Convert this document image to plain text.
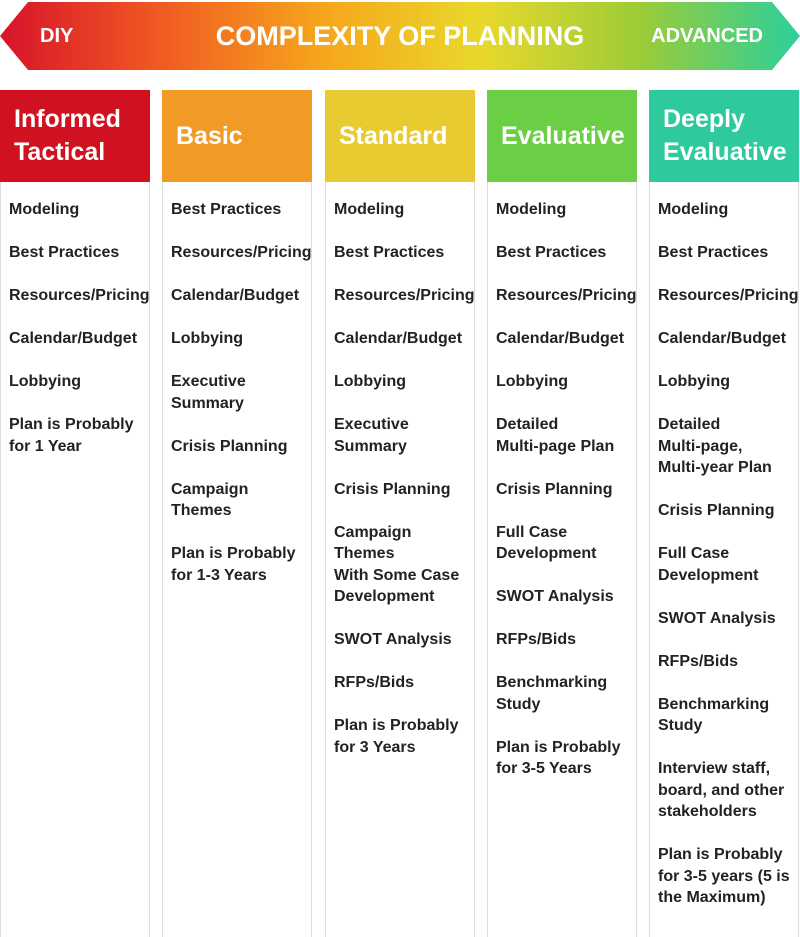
DIY	COMPLEXITY OF PLANNING	ADVANCED
Informed
Tactical
Modeling
Best Practices
Resources/Pricing
Calendar/Budget
Lobbying
Plan is Probably
for 1 Year
Basic
Best Practices
Resources/Pricing
Calendar/Budget
Lobbying
Executive
Summary
Crisis Planning
Campaign Themes
Plan is Probably
for 1-3 Years
Standard
Modeling
Best Practices
Resources/Pricing
Calendar/Budget
Lobbying
Executive
Summary
Crisis Planning
Campaign Themes
With Some Case
Development
SWOT Analysis
RFPs/Bids
Plan is Probably
for 3 Years
Evaluative
Modeling
Best Practices
Resources/Pricing
Calendar/Budget
Lobbying
Detailed
Multi-page Plan
Crisis Planning
Full Case
Development
SWOT Analysis
RFPs/Bids
Benchmarking
Study
Plan is Probably
for 3-5 Years
Deeply
Evaluative
Modeling
Best Practices
Resources/Pricing
Calendar/Budget
Lobbying
Detailed
Multi-page,
Multi-year Plan
Crisis Planning
Full Case
Development
SWOT Analysis
RFPs/Bids
Benchmarking
Study
Interview staff,
board, and other
stakeholders
Plan is Probably
for 3-5 years (5 is
the Maximum)
